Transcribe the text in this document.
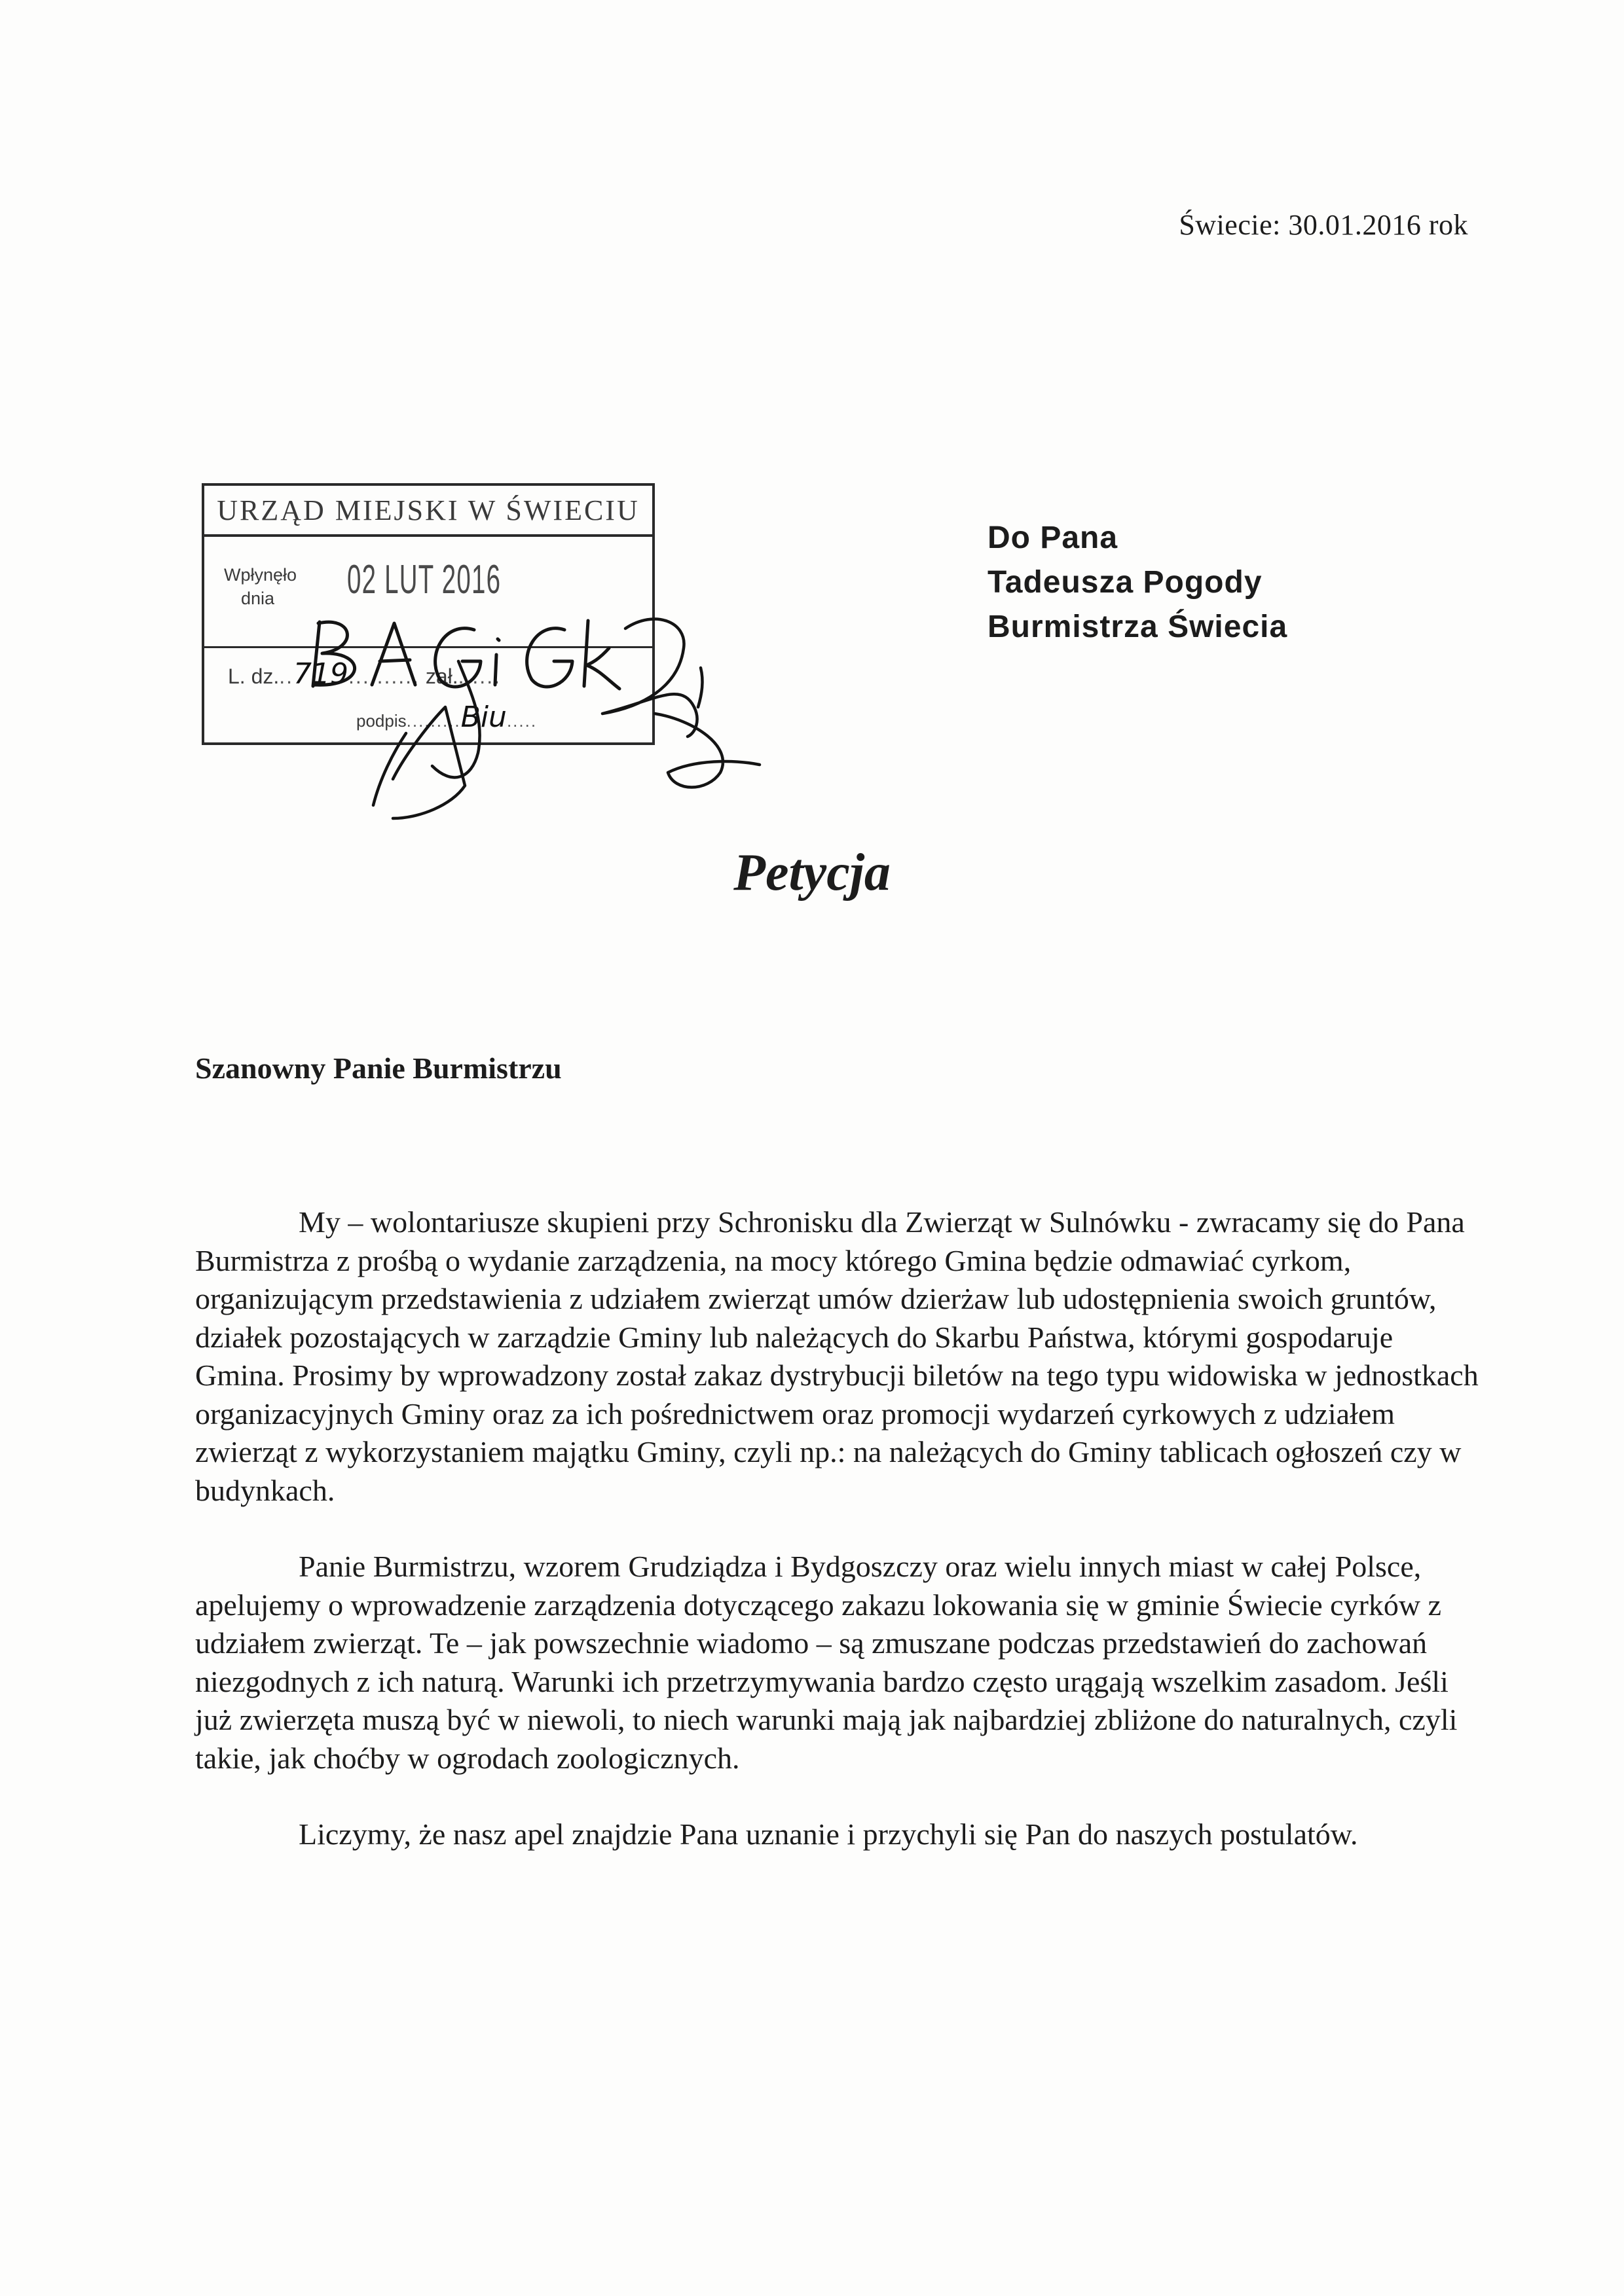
Świecie: 30.01.2016 rok
URZĄD MIEJSKI W ŚWIECIU
Wpłynęło
dnia	02 LUT 2016
L. dz...719.......... zał.......
podpis.........Biu.....
Do Pana
Tadeusza Pogody
Burmistrza Świecia
Petycja
Szanowny Panie Burmistrzu

My – wolontariusze skupieni przy Schronisku dla Zwierząt w Sulnówku - zwracamy się do Pana Burmistrza z prośbą o wydanie zarządzenia, na mocy którego Gmina będzie odmawiać cyrkom, organizującym przedstawienia z udziałem zwierząt umów dzierżaw lub udostępnienia swoich gruntów, działek pozostających w zarządzie Gminy lub należących do Skarbu Państwa, którymi gospodaruje Gmina. Prosimy by wprowadzony został zakaz dystrybucji biletów na tego typu widowiska w jednostkach organizacyjnych Gminy oraz za ich pośrednictwem oraz promocji wydarzeń cyrkowych z udziałem zwierząt z wykorzystaniem majątku Gminy, czyli np.: na należących do Gminy tablicach ogłoszeń czy w budynkach.

Panie Burmistrzu, wzorem Grudziądza i Bydgoszczy oraz wielu innych miast w całej Polsce, apelujemy o wprowadzenie zarządzenia dotyczącego zakazu lokowania się w gminie Świecie cyrków z udziałem zwierząt. Te – jak powszechnie wiadomo – są zmuszane podczas przedstawień do zachowań niezgodnych z ich naturą. Warunki ich przetrzymywania bardzo często urągają wszelkim zasadom. Jeśli już zwierzęta muszą być w niewoli, to niech warunki mają jak najbardziej zbliżone do naturalnych, czyli takie, jak choćby w ogrodach zoologicznych.

Liczymy, że nasz apel znajdzie Pana uznanie i przychyli się Pan do naszych postulatów.
